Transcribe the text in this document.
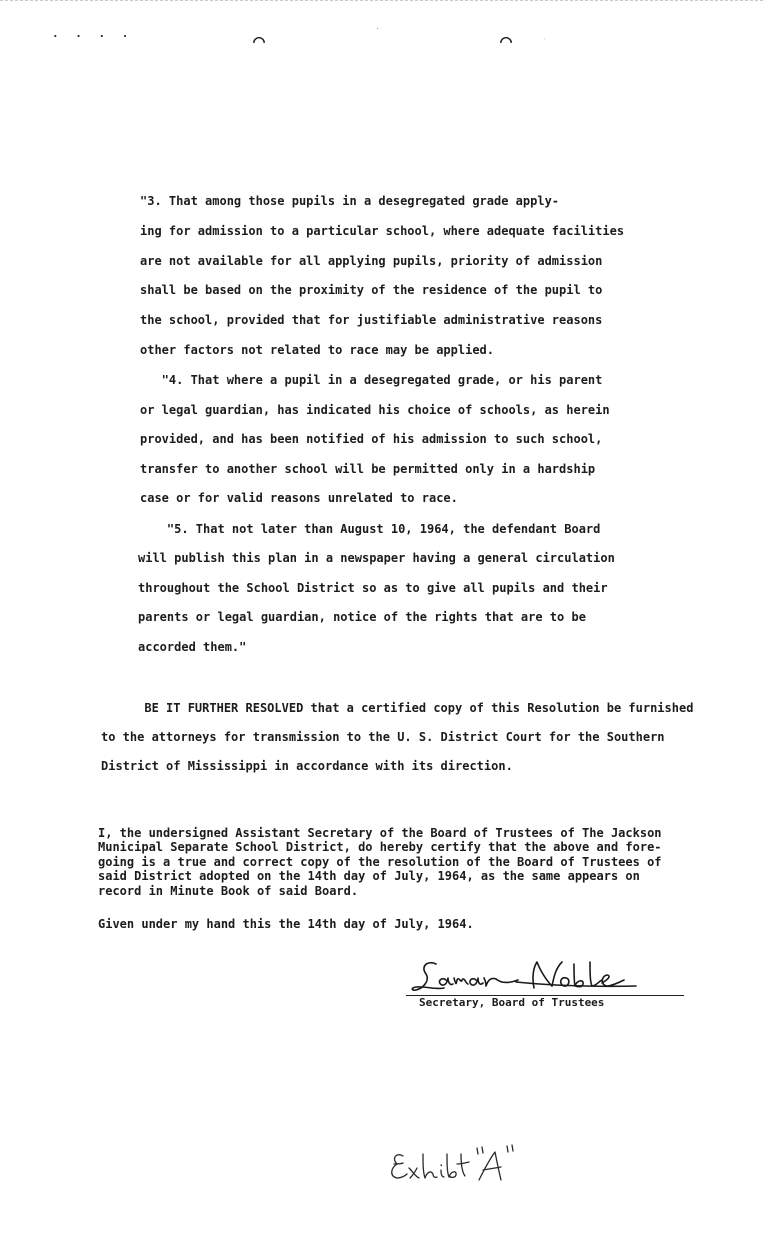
· · · ·	⌒	⌒
·
·
"3. That among those pupils in a desegregated grade apply-
ing for admission to a particular school, where adequate facilities
are not available for all applying pupils, priority of admission
shall be based on the proximity of the residence of the pupil to
the school, provided that for justifiable administrative reasons
other factors not related to race may be applied.
"4. That where a pupil in a desegregated grade, or his parent
or legal guardian, has indicated his choice of schools, as herein
provided, and has been notified of his admission to such school,
transfer to another school will be permitted only in a hardship
case or for valid reasons unrelated to race.
"5. That not later than August 10, 1964, the defendant Board
will publish this plan in a newspaper having a general circulation
throughout the School District so as to give all pupils and their
parents or legal guardian, notice of the rights that are to be
accorded them."
BE IT FURTHER RESOLVED that a certified copy of this Resolution be furnished
to the attorneys for transmission to the U. S. District Court for the Southern
District of Mississippi in accordance with its direction.
I, the undersigned Assistant Secretary of the Board of Trustees of The Jackson
Municipal Separate School District, do hereby certify that the above and fore-
going is a true and correct copy of the resolution of the Board of Trustees of
said District adopted on the 14th day of July, 1964, as the same appears on
record in Minute Book of said Board.
Given under my hand this the 14th day of July, 1964.
Secretary, Board of Trustees
